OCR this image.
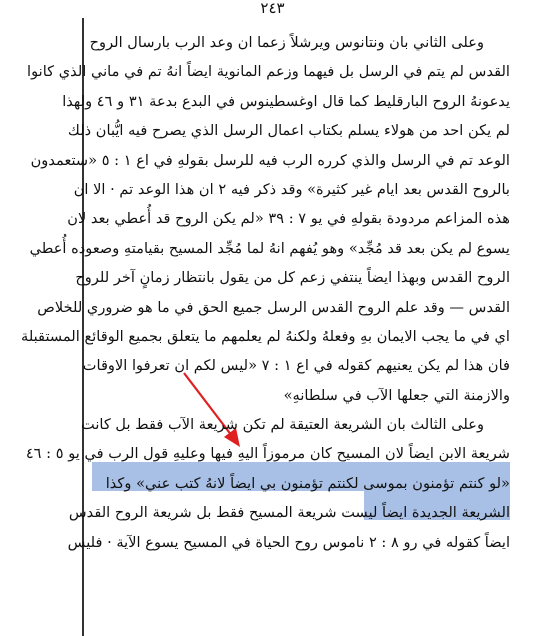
٢٤٣
وعلى الثاني بان ونتانوس ويرشلاً زعما ان وعد الرب بارسال الروح
القدس لم يتم في الرسل بل فيهما وزعم المانوية ايضاً انهُ تم في ماني الذي كانوا
يدعونهُ الروح البارقليط كما قال اوغسطينوس في البدع بدعة ٣١ و ٤٦ ولهذا
لم يكن احد من هولاء يسلم بكتاب اعمال الرسل الذي يصرح فيه ايُّبان ذلك
الوعد تم في الرسل والذي كرره الرب فيه للرسل بقولهِ في اع ١ : ٥ «ستعمدون
بالروح القدس بعد ايام غير كثيرة» وقد ذكر فيه ٢ ان هذا الوعد تم · الا ان
هذه المزاعم مردودة بقولهِ في يو ٧ : ٣٩ «لم يكن الروح قد أُعطي بعد لان
يسوع لم يكن بعد قد مُجِّد» وهو يُفهم انهُ لما مُجِّد المسيح بقيامتهِ وصعوده أُعطي
الروح القدس وبهذا ايضاً ينتفي زعم كل من يقول بانتظار زمانٍ آخر للروح
القدس — وقد علم الروح القدس الرسل جميع الحق في ما هو ضروري للخلاص
اي في ما يجب الايمان بهِ وفعلهُ ولكنهُ لم يعلمهم ما يتعلق بجميع الوقائع المستقبلة
فان هذا لم يكن يعنيهم كقوله في اع ١ : ٧ «ليس لكم ان تعرفوا الاوقات
والازمنة التي جعلها الآب في سلطانهِ»
وعلى الثالث بان الشريعة العتيقة لم تكن شريعة الآب فقط بل كانت
شريعة الابن ايضاً لان المسيح كان مرموزاً اليهِ فيها وعليهِ قول الرب في يو ٥ : ٤٦
«لو كنتم تؤمنون بموسى لكنتم تؤمنون بي ايضاً لانهُ كتب عني» وكذا
الشريعة الجديدة ايضاً ليست شريعة المسيح فقط بل شريعة الروح القدس
ايضاً كقوله في رو ٨ : ٢ ناموس روح الحياة في المسيح يسوع الآية · فليس
